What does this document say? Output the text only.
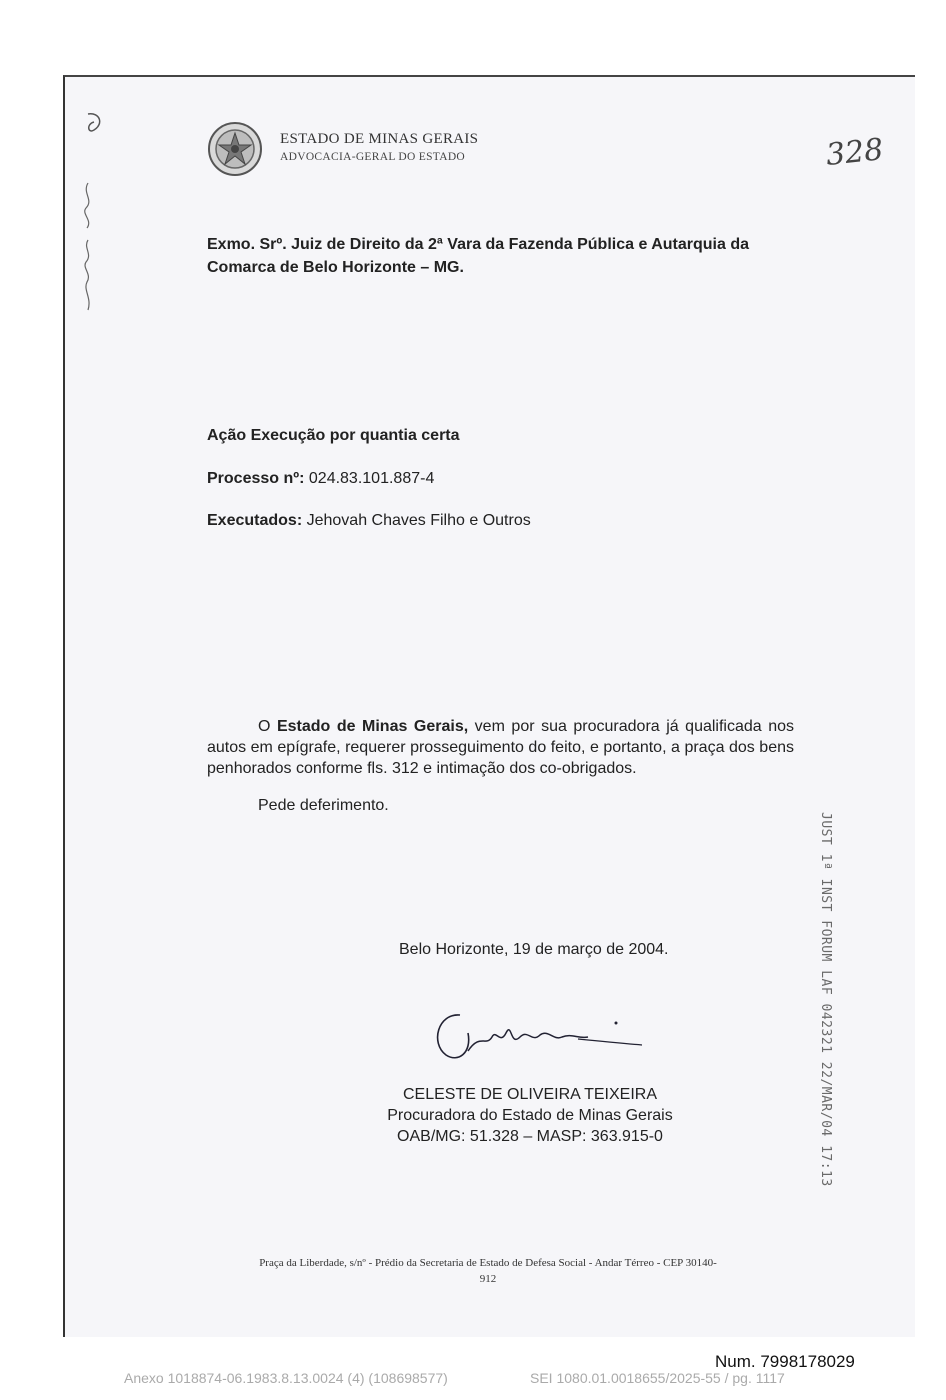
ESTADO DE MINAS GERAIS
ADVOCACIA-GERAL DO ESTADO	328
Exmo. Srº. Juiz de Direito da 2ª Vara da Fazenda Pública e Autarquia da
Comarca de Belo Horizonte – MG.
Ação Execução por quantia certa
Processo nº: 024.83.101.887-4
Executados: Jehovah Chaves Filho e Outros
O Estado de Minas Gerais, vem por sua procuradora já qualificada nos autos em epígrafe, requerer prosseguimento do feito, e portanto, a praça dos bens penhorados conforme fls. 312 e intimação dos co-obrigados.
Pede deferimento.
Belo Horizonte, 19 de março de 2004.
CELESTE DE OLIVEIRA TEIXEIRA
Procuradora do Estado de Minas Gerais
OAB/MG: 51.328 – MASP: 363.915-0	JUST 1ª INST FORUM LAF 042321 22/MAR/04 17:13
Praça da Liberdade, s/nº - Prédio da Secretaria de Estado de Defesa Social - Andar Térreo - CEP 30140-
912
Num. 7998178029
Anexo 1018874-06.1983.8.13.0024 (4) (108698577)	SEI 1080.01.0018655/2025-55 / pg. 1117
